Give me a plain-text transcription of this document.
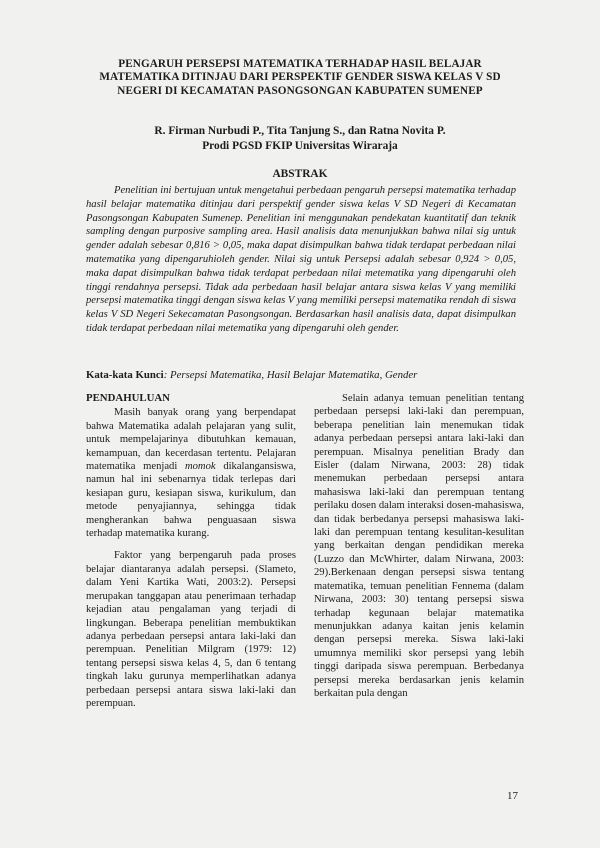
PENGARUH PERSEPSI MATEMATIKA TERHADAP HASIL BELAJAR
MATEMATIKA DITINJAU DARI PERSPEKTIF GENDER SISWA KELAS V SD
NEGERI DI KECAMATAN PASONGSONGAN KABUPATEN SUMENEP
R. Firman Nurbudi P., Tita Tanjung S., dan Ratna Novita P.
Prodi PGSD FKIP Universitas Wiraraja
ABSTRAK
Penelitian ini bertujuan untuk mengetahui perbedaan pengaruh persepsi matematika terhadap hasil belajar matematika ditinjau dari perspektif gender siswa kelas V SD Negeri di Kecamatan Pasongsongan Kabupaten Sumenep. Penelitian ini menggunakan pendekatan kuantitatif dan teknik sampling dengan purposive sampling area. Hasil analisis data menunjukkan bahwa nilai sig untuk gender adalah sebesar 0,816 > 0,05, maka dapat disimpulkan bahwa tidak terdapat perbedaan nilai matematika yang dipengaruhioleh gender. Nilai sig untuk Persepsi adalah sebesar 0,924 > 0,05, maka dapat disimpulkan bahwa tidak terdapat perbedaan nilai metematika yang dipengaruhi oleh tinggi rendahnya persepsi. Tidak ada perbedaan hasil belajar antara siswa kelas V yang memiliki persepsi matematika tinggi dengan siswa kelas V yang memiliki persepsi matematika rendah di siswa kelas V SD Negeri Sekecamatan Pasongsongan. Berdasarkan hasil analisis data, dapat disimpulkan tidak terdapat perbedaan nilai metematika yang dipengaruhi oleh gender.
Kata-kata Kunci: Persepsi Matematika, Hasil Belajar Matematika, Gender
PENDAHULUAN

Masih banyak orang yang berpendapat bahwa Matematika adalah pelajaran yang sulit, untuk mempelajarinya dibutuhkan kemauan, kemampuan, dan kecerdasan tertentu. Pelajaran matematika menjadi momok dikalangansiswa, namun hal ini sebenarnya tidak terlepas dari kesiapan guru, kesiapan siswa, kurikulum, dan metode penyajiannya, sehingga tidak mengherankan bahwa penguasaan siswa terhadap matematika kurang.

Faktor yang berpengaruh pada proses belajar diantaranya adalah persepsi. (Slameto, dalam Yeni Kartika Wati, 2003:2). Persepsi merupakan tanggapan atau penerimaan terhadap kejadian atau pengalaman yang terjadi di lingkungan. Beberapa penelitian membuktikan adanya perbedaan persepsi antara laki-laki dan perempuan. Penelitian Milgram (1979: 12) tentang persepsi siswa kelas 4, 5, dan 6 tentang tingkah laku gurunya memperlihatkan adanya perbedaan persepsi antara siswa laki-laki dan perempuan.

Selain adanya temuan penelitian tentang perbedaan persepsi laki-laki dan perempuan, beberapa penelitian lain menemukan tidak adanya perbedaan persepsi antara laki-laki dan perempuan. Misalnya penelitian Brady dan Eisler (dalam Nirwana, 2003: 28) tidak menemukan perbedaan persepsi antara mahasiswa laki-laki dan perempuan tentang perilaku dosen dalam interaksi dosen-mahasiswa, dan tidak berbedanya persepsi mahasiswa laki-laki dan perempuan tentang kesulitan-kesulitan yang berkaitan dengan pendidikan mereka (Luzzo dan McWhirter, dalam Nirwana, 2003: 29).Berkenaan dengan persepsi siswa tentang matematika, temuan penelitian Fennema (dalam Nirwana, 2003: 30) tentang persepsi siswa terhadap kegunaan belajar matematika menunjukkan adanya kaitan jenis kelamin dengan persepsi mereka. Siswa laki-laki umumnya memiliki skor persepsi yang lebih tinggi daripada siswa perempuan. Berbedanya persepsi mereka berdasarkan jenis kelamin berkaitan pula dengan

17
